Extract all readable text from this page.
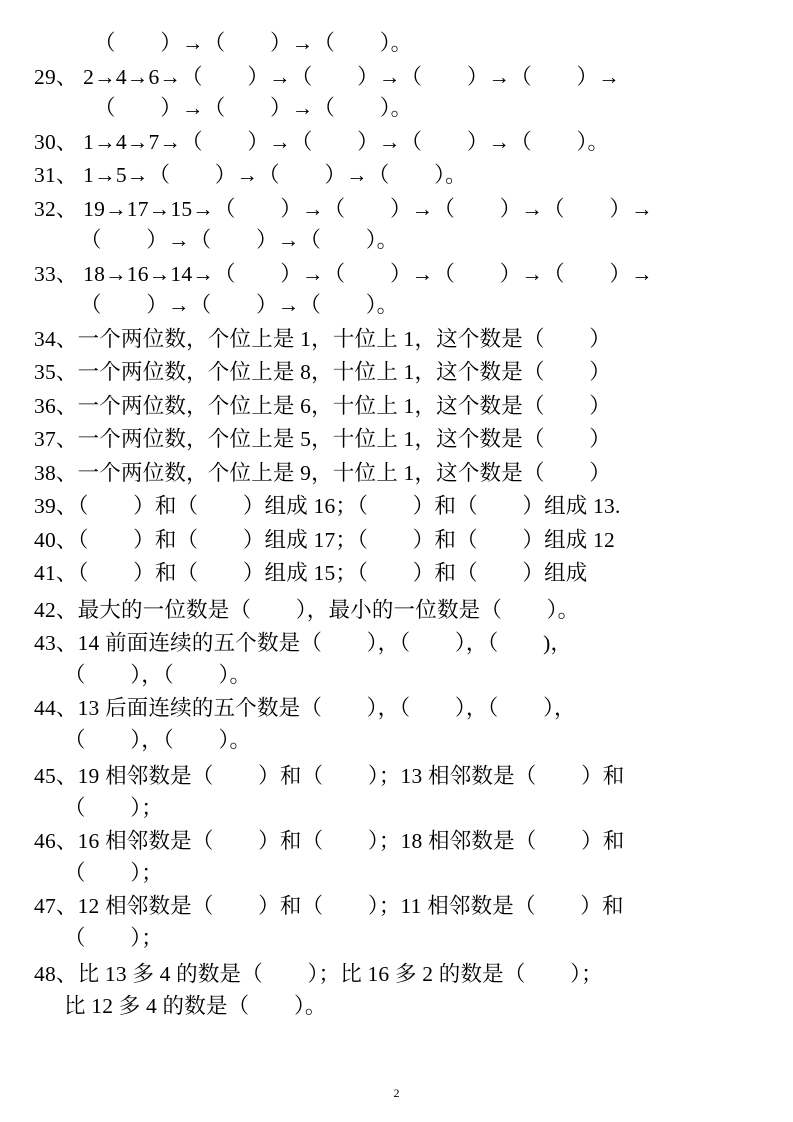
（        ）→（        ）→（        ）。
29、 2→4→6→（        ）→（        ）→（        ）→（        ）→
（        ）→（        ）→（        ）。
30、 1→4→7→（        ）→（        ）→（        ）→（        ）。
31、 1→5→（        ）→（        ）→（        ）。
32、 19→17→15→（        ）→（        ）→（        ）→（        ）→
（        ）→（        ）→（        ）。
33、 18→16→14→（        ）→（        ）→（        ）→（        ）→
（        ）→（        ）→（        ）。
34、一个两位数，个位上是 1，十位上 1，这个数是（        ）
35、一个两位数，个位上是 8，十位上 1，这个数是（        ）
36、一个两位数，个位上是 6，十位上 1，这个数是（        ）
37、一个两位数，个位上是 5，十位上 1，这个数是（        ）
38、一个两位数，个位上是 9，十位上 1，这个数是（        ）
39、（        ）和（        ）组成 16；（        ）和（        ）组成 13.
40、（        ）和（        ）组成 17；（        ）和（        ）组成 12
41、（        ）和（        ）组成 15；（        ）和（        ）组成
42、最大的一位数是（        ），最小的一位数是（        ）。
43、14 前面连续的五个数是（        ），（        ），（        )，
（        ），（        ）。
44、13 后面连续的五个数是（        ），（        ），（        ），
（        ），（        ）。
45、19 相邻数是（        ）和（        ）；13 相邻数是（        ）和
（        ）；
46、16 相邻数是（        ）和（        ）；18 相邻数是（        ）和
（        ）；
47、12 相邻数是（        ）和（        ）；11 相邻数是（        ）和
（        ）；
48、比 13 多 4 的数是（        ）；比 16 多 2 的数是（        ）；
比 12 多 4 的数是（        ）。
2
